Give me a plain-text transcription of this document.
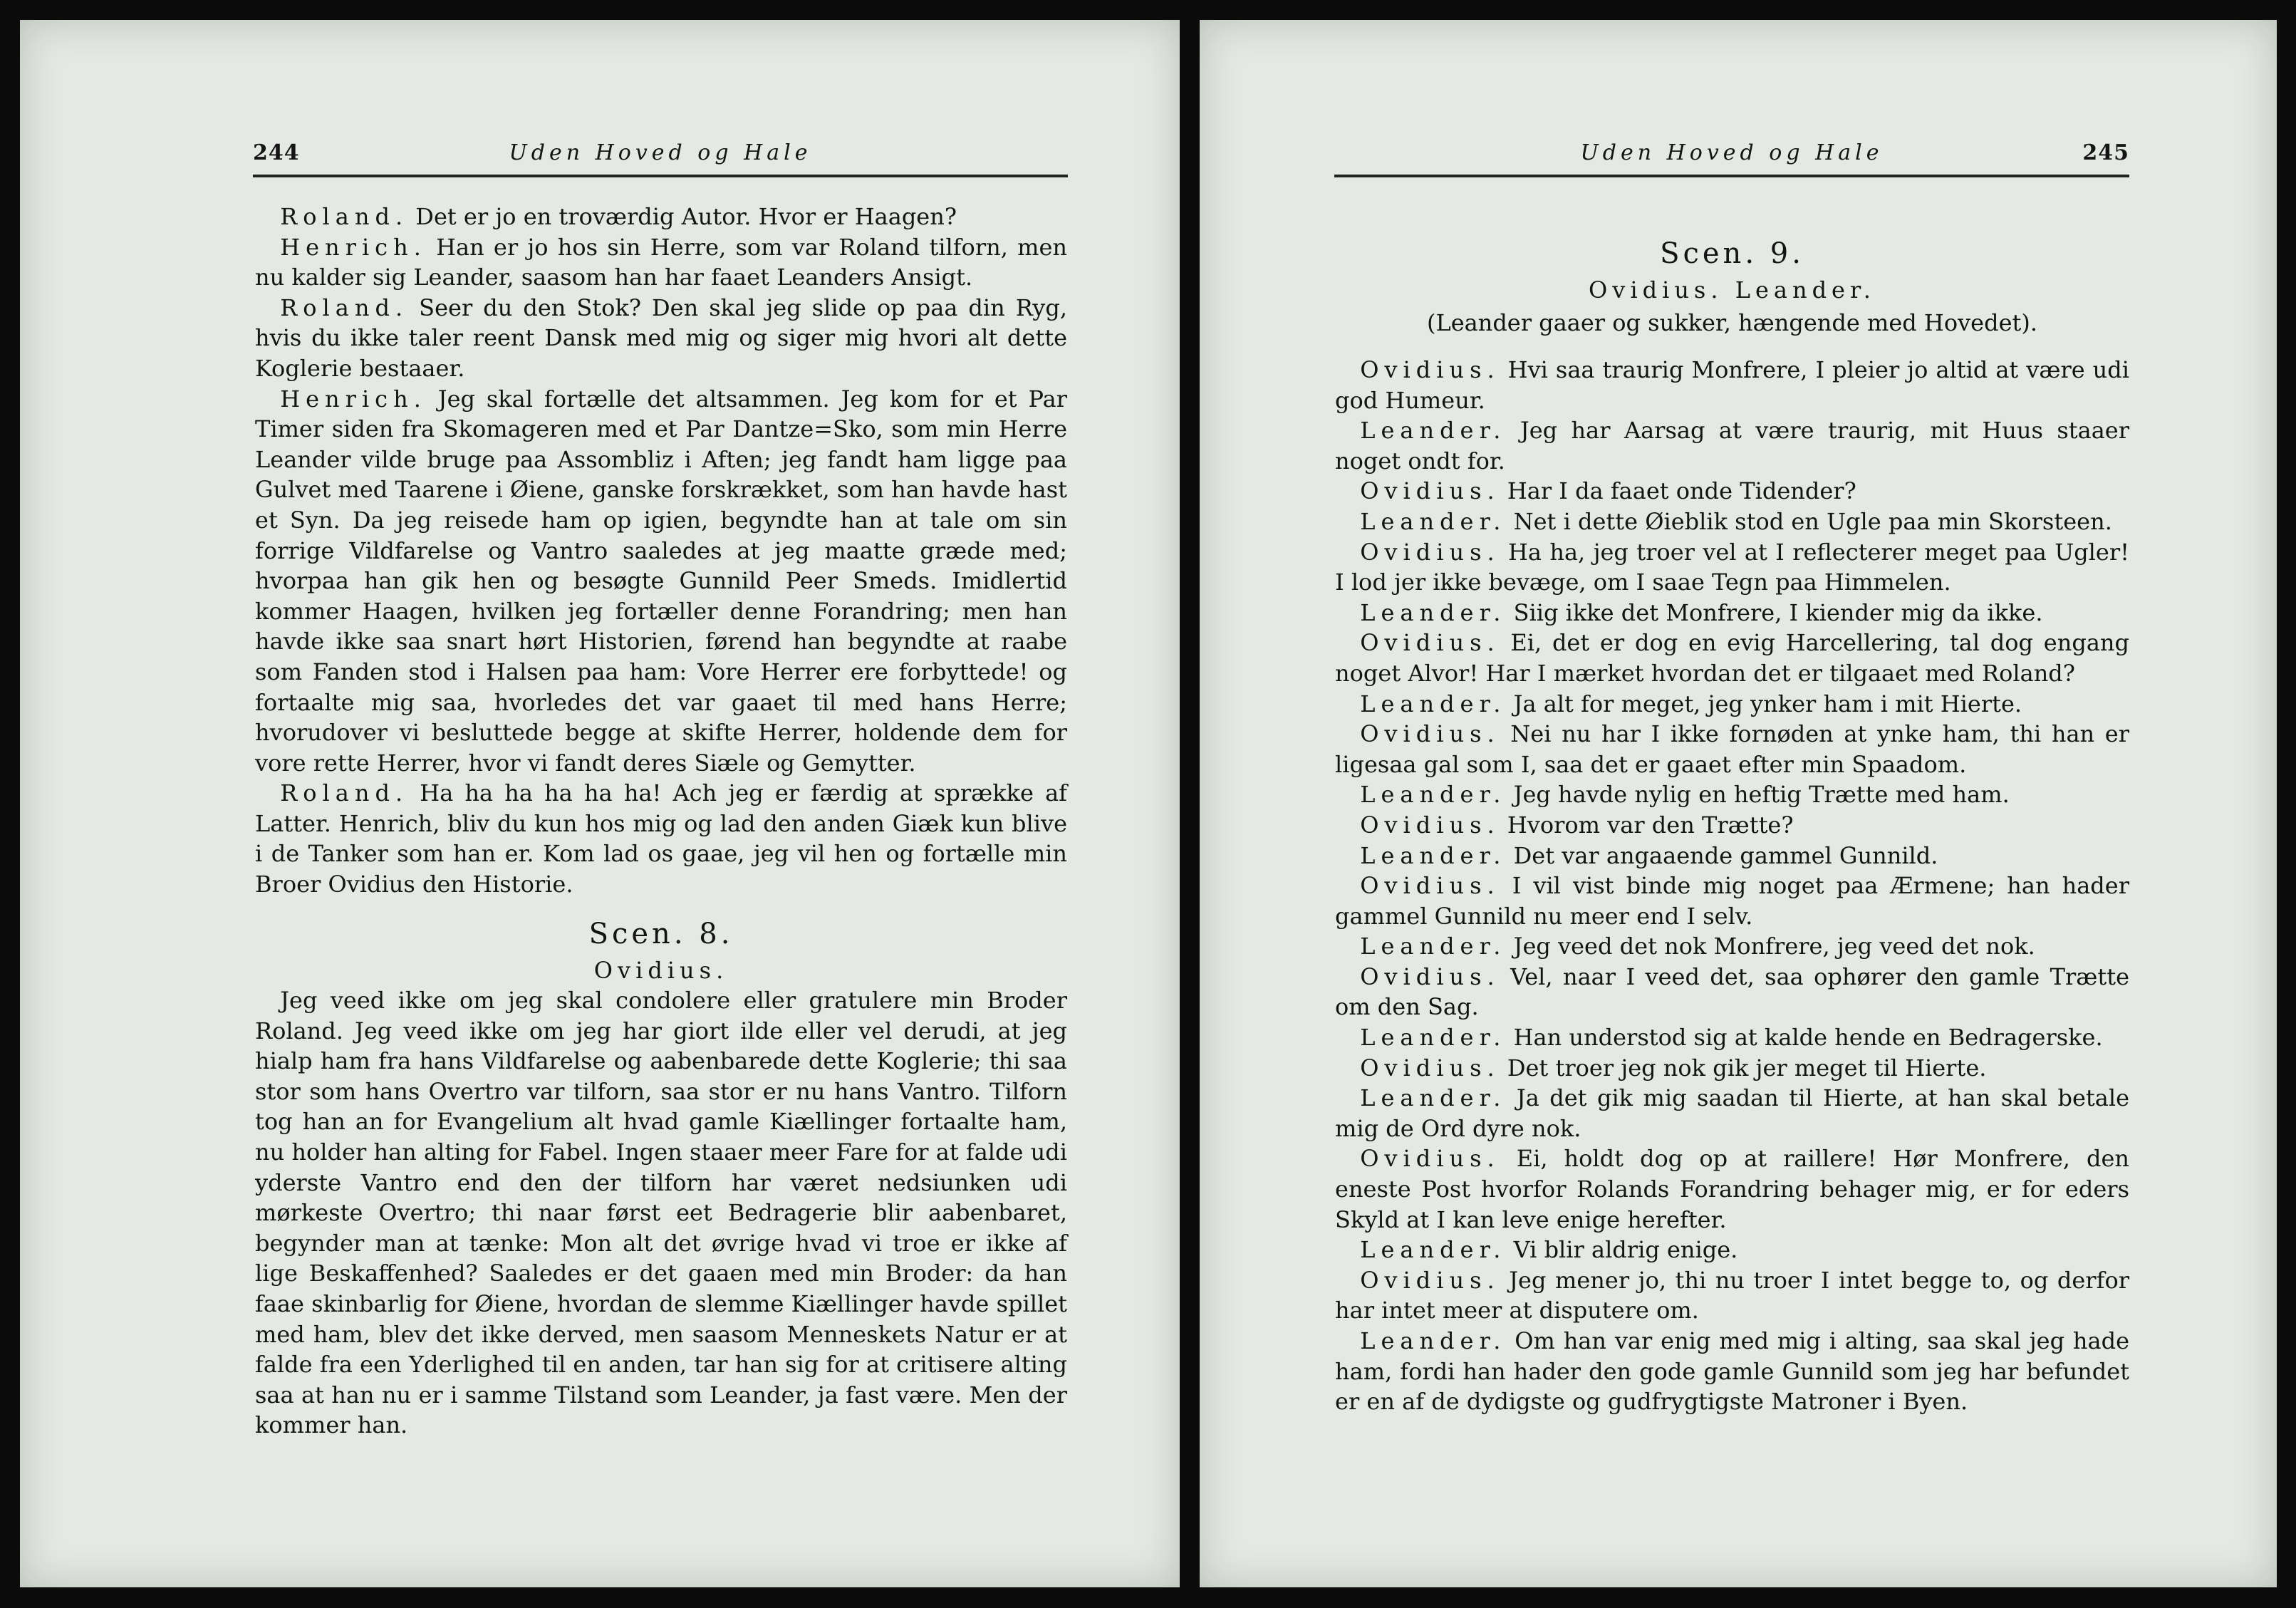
244	Uden Hoved og Hale

Roland. Det er jo en troværdig Autor. Hvor er Haagen?

Henrich. Han er jo hos sin Herre, som var Roland tilforn, men nu kalder sig Leander, saasom han har faaet Leanders Ansigt.

Roland. Seer du den Stok? Den skal jeg slide op paa din Ryg, hvis du ikke taler reent Dansk med mig og siger mig hvori alt dette Koglerie bestaaer.

Henrich. Jeg skal fortælle det altsammen. Jeg kom for et Par Timer siden fra Skomageren med et Par Dantze=Sko, som min Herre Leander vilde bruge paa Assombliz i Aften; jeg fandt ham ligge paa Gulvet med Taarene i Øiene, ganske forskrækket, som han havde hast et Syn. Da jeg reisede ham op igien, begyndte han at tale om sin forrige Vildfarelse og Vantro saaledes at jeg maatte græde med; hvorpaa han gik hen og besøgte Gunnild Peer Smeds. Imidlertid kommer Haagen, hvilken jeg fortæller denne Forandring; men han havde ikke saa snart hørt Historien, førend han begyndte at raabe som Fanden stod i Halsen paa ham: Vore Herrer ere forbyttede! og fortaalte mig saa, hvorledes det var gaaet til med hans Herre; hvorudover vi besluttede begge at skifte Herrer, holdende dem for vore rette Herrer, hvor vi fandt deres Siæle og Gemytter.

Roland. Ha ha ha ha ha ha! Ach jeg er færdig at sprække af Latter. Henrich, bliv du kun hos mig og lad den anden Giæk kun blive i de Tanker som han er. Kom lad os gaae, jeg vil hen og fortælle min Broer Ovidius den Historie.

Scen. 8.
Ovidius.

Jeg veed ikke om jeg skal condolere eller gratulere min Broder Roland. Jeg veed ikke om jeg har giort ilde eller vel derudi, at jeg hialp ham fra hans Vildfarelse og aabenbarede dette Koglerie; thi saa stor som hans Overtro var tilforn, saa stor er nu hans Vantro. Tilforn tog han an for Evangelium alt hvad gamle Kiællinger fortaalte ham, nu holder han alting for Fabel. Ingen staaer meer Fare for at falde udi yderste Vantro end den der tilforn har været nedsiunken udi mørkeste Overtro; thi naar først eet Bedragerie blir aabenbaret, begynder man at tænke: Mon alt det øvrige hvad vi troe er ikke af lige Beskaffenhed? Saaledes er det gaaen med min Broder: da han faae skinbarlig for Øiene, hvordan de slemme Kiællinger havde spillet med ham, blev det ikke derved, men saasom Menneskets Natur er at falde fra een Yderlighed til en anden, tar han sig for at critisere alting saa at han nu er i samme Tilstand som Leander, ja fast være. Men der kommer han.

Uden Hoved og Hale	245
Scen. 9.
Ovidius. Leander.
(Leander gaaer og sukker, hængende med Hovedet).

Ovidius. Hvi saa traurig Monfrere, I pleier jo altid at være udi god Humeur.

Leander. Jeg har Aarsag at være traurig, mit Huus staaer noget ondt for.

Ovidius. Har I da faaet onde Tidender?

Leander. Net i dette Øieblik stod en Ugle paa min Skorsteen.

Ovidius. Ha ha, jeg troer vel at I reflecterer meget paa Ugler! I lod jer ikke bevæge, om I saae Tegn paa Himmelen.

Leander. Siig ikke det Monfrere, I kiender mig da ikke.

Ovidius. Ei, det er dog en evig Harcellering, tal dog engang noget Alvor! Har I mærket hvordan det er tilgaaet med Roland?

Leander. Ja alt for meget, jeg ynker ham i mit Hierte.

Ovidius. Nei nu har I ikke fornøden at ynke ham, thi han er ligesaa gal som I, saa det er gaaet efter min Spaadom.

Leander. Jeg havde nylig en heftig Trætte med ham.

Ovidius. Hvorom var den Trætte?

Leander. Det var angaaende gammel Gunnild.

Ovidius. I vil vist binde mig noget paa Ærmene; han hader gammel Gunnild nu meer end I selv.

Leander. Jeg veed det nok Monfrere, jeg veed det nok.

Ovidius. Vel, naar I veed det, saa ophører den gamle Trætte om den Sag.

Leander. Han understod sig at kalde hende en Bedragerske.

Ovidius. Det troer jeg nok gik jer meget til Hierte.

Leander. Ja det gik mig saadan til Hierte, at han skal betale mig de Ord dyre nok.

Ovidius. Ei, holdt dog op at raillere! Hør Monfrere, den eneste Post hvorfor Rolands Forandring behager mig, er for eders Skyld at I kan leve enige herefter.

Leander. Vi blir aldrig enige.

Ovidius. Jeg mener jo, thi nu troer I intet begge to, og derfor har intet meer at disputere om.

Leander. Om han var enig med mig i alting, saa skal jeg hade ham, fordi han hader den gode gamle Gunnild som jeg har befundet er en af de dydigste og gudfrygtigste Matroner i Byen.
